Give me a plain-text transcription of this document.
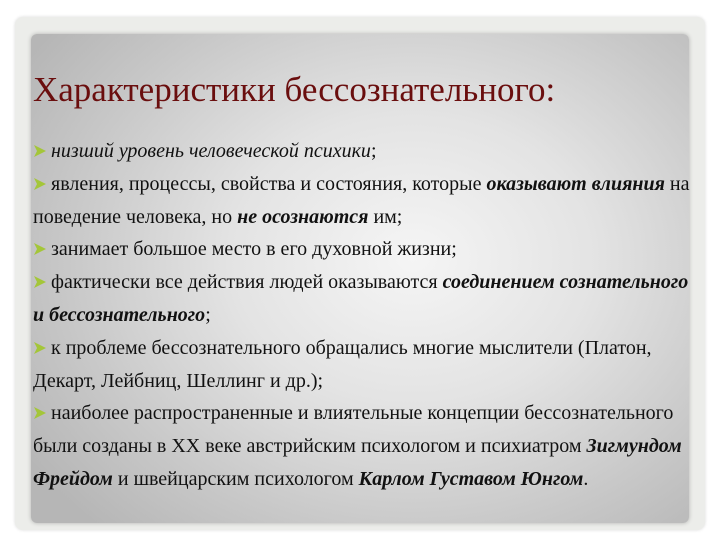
Характеристики бессознательного:

низший уровень человеческой психики;

явления, процессы, свойства и состояния, которые оказывают влияния на поведение человека, но не осознаются им;

занимает большое место в его духовной жизни;

фактически все действия людей оказываются соединением сознательного и бессознательного;

к проблеме бессознательного обращались многие мыслители (Платон, Декарт, Лейбниц, Шеллинг и др.);

наиболее распространенные и влиятельные концепции бессознательного были созданы в XX веке австрийским психологом и психиатром Зигмундом Фрейдом и швейцарским психологом Карлом Густавом Юнгом.
